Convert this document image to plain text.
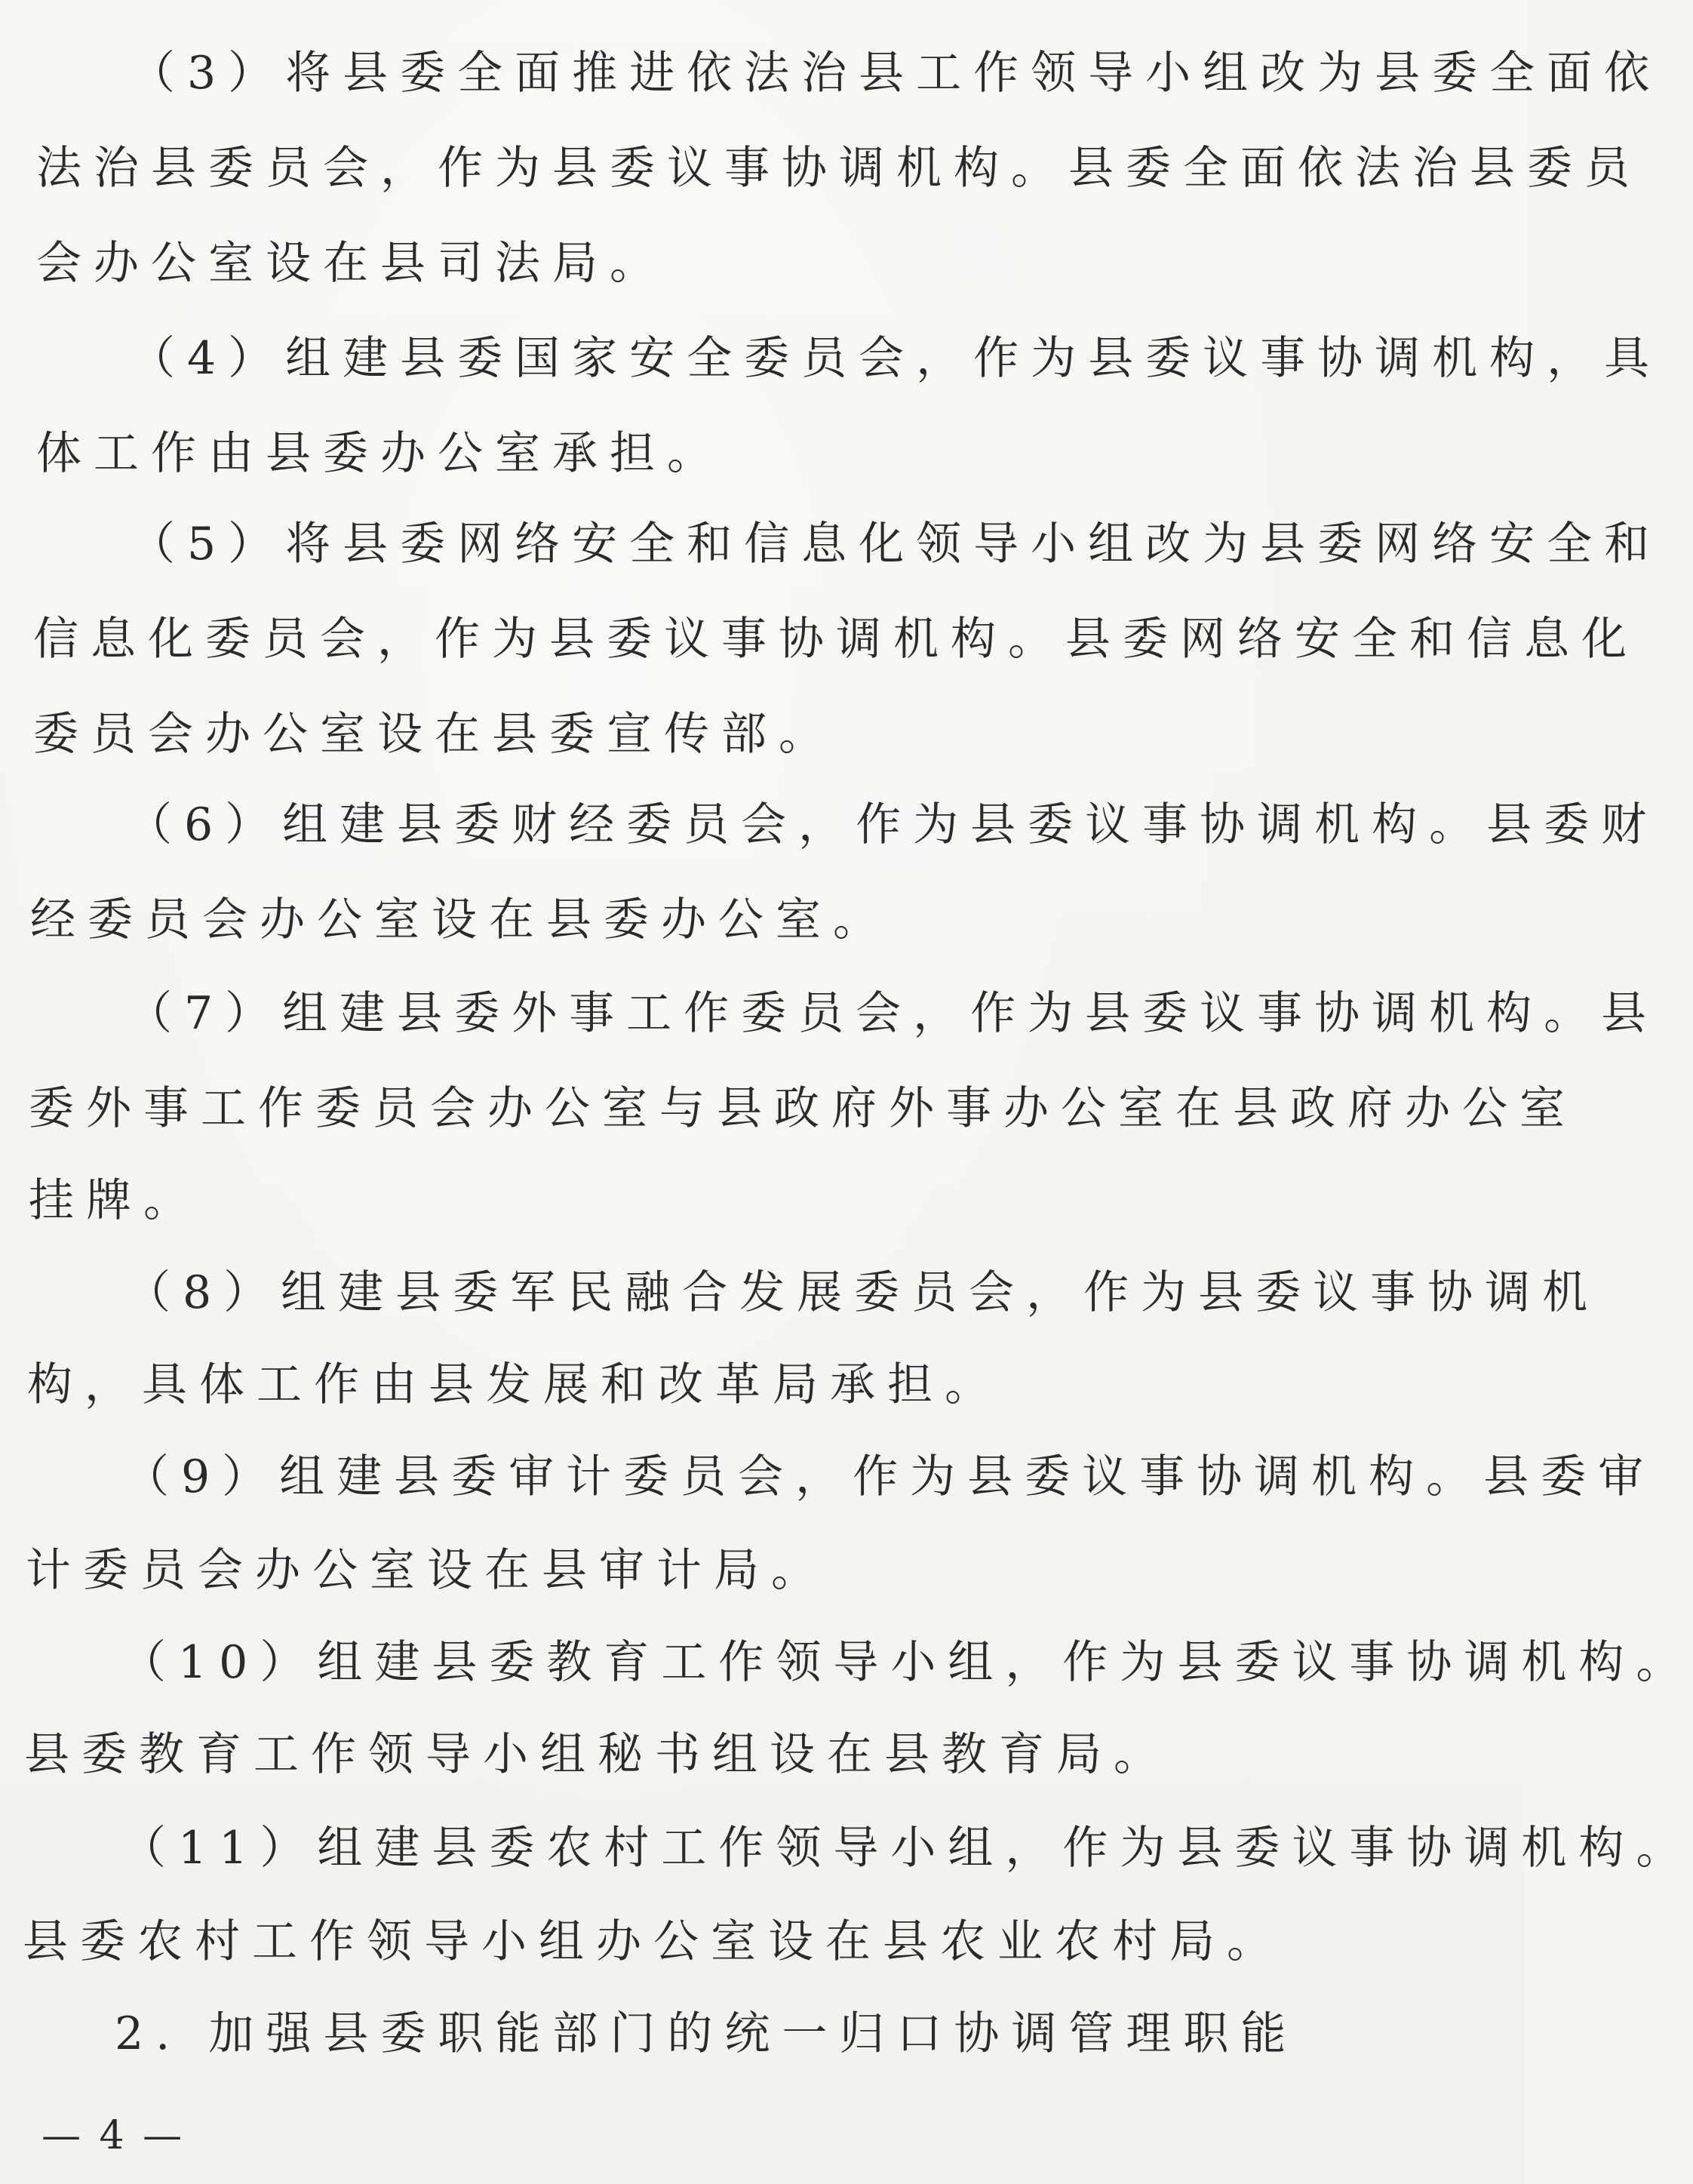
（3）将县委全面推进依法治县工作领导小组改为县委全面依

法治县委员会，作为县委议事协调机构。县委全面依法治县委员

会办公室设在县司法局。

（4）组建县委国家安全委员会，作为县委议事协调机构，具

体工作由县委办公室承担。

（5）将县委网络安全和信息化领导小组改为县委网络安全和

信息化委员会，作为县委议事协调机构。县委网络安全和信息化

委员会办公室设在县委宣传部。

（6）组建县委财经委员会，作为县委议事协调机构。县委财

经委员会办公室设在县委办公室。

（7）组建县委外事工作委员会，作为县委议事协调机构。县

委外事工作委员会办公室与县政府外事办公室在县政府办公室

挂牌。

（8）组建县委军民融合发展委员会，作为县委议事协调机

构，具体工作由县发展和改革局承担。

（9）组建县委审计委员会，作为县委议事协调机构。县委审

计委员会办公室设在县审计局。

（10）组建县委教育工作领导小组，作为县委议事协调机构。

县委教育工作领导小组秘书组设在县教育局。

（11）组建县委农村工作领导小组，作为县委议事协调机构。

县委农村工作领导小组办公室设在县农业农村局。

2. 加强县委职能部门的统一归口协调管理职能

— 4 —
